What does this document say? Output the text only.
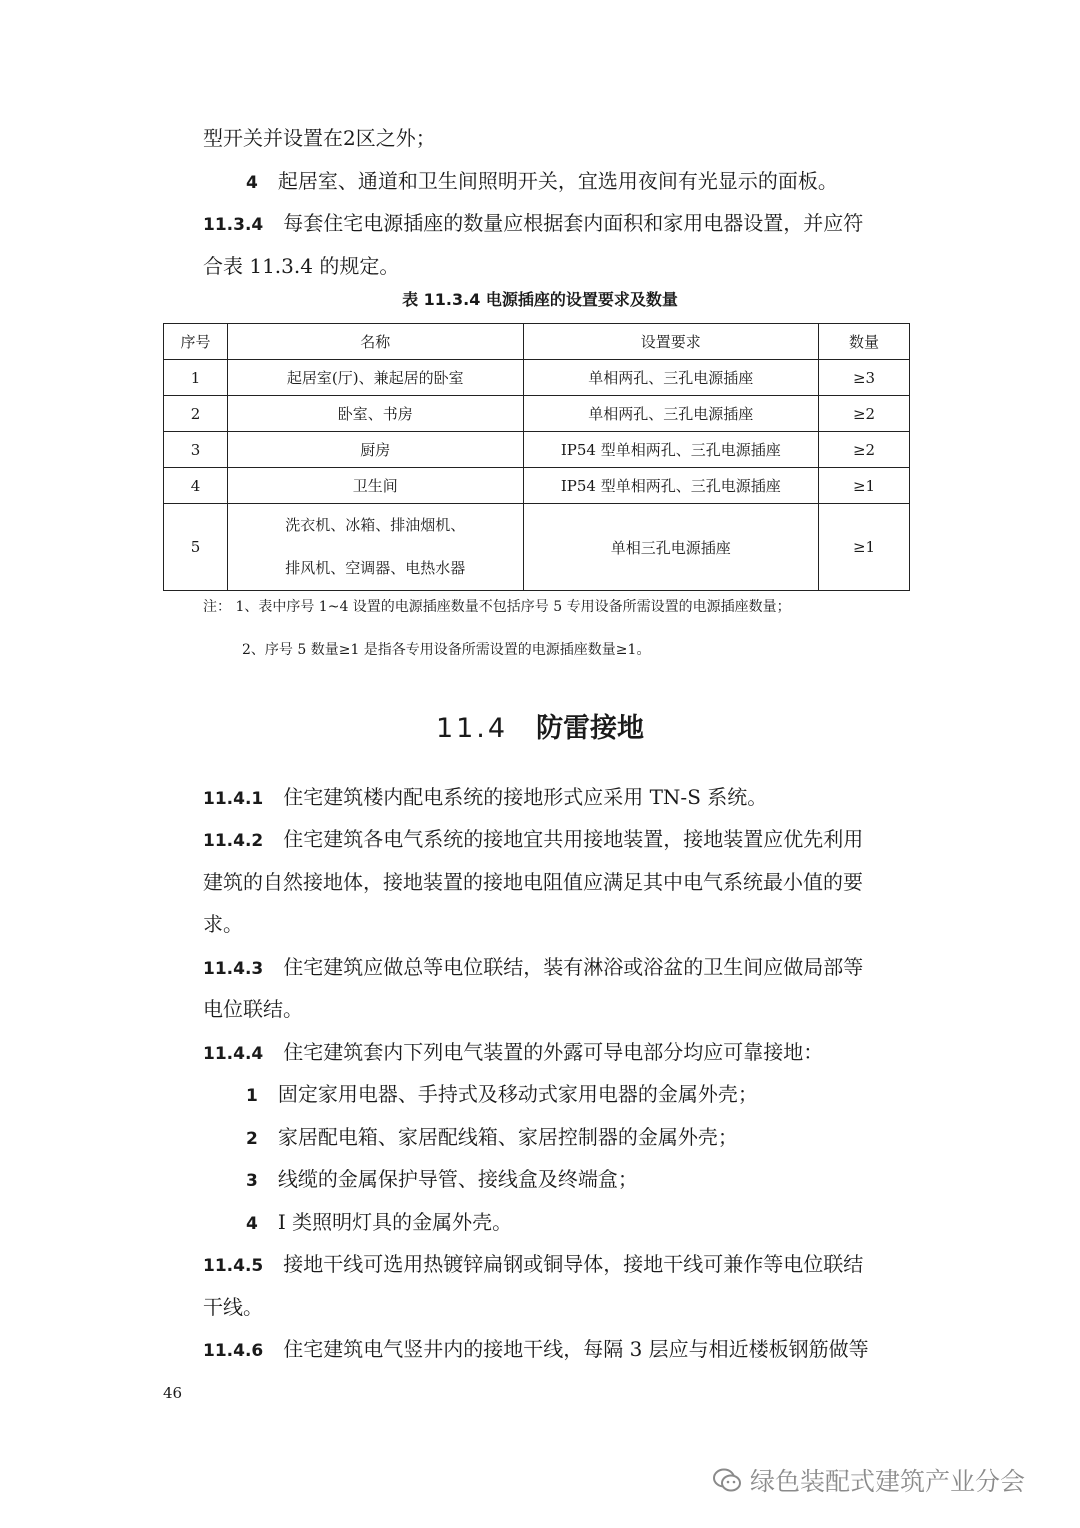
型开关并设置在2区之外；
4 起居室、通道和卫生间照明开关，宜选用夜间有光显示的面板。
11.3.4 每套住宅电源插座的数量应根据套内面积和家用电器设置，并应符
合表 11.3.4 的规定。
表 11.3.4 电源插座的设置要求及数量
序号	名称	设置要求	数量
1	起居室(厅)、兼起居的卧室	单相两孔、三孔电源插座	≥3
2	卧室、书房	单相两孔、三孔电源插座	≥2
3	厨房	IP54 型单相两孔、三孔电源插座	≥2
4	卫生间	IP54 型单相两孔、三孔电源插座	≥1
5	洗衣机、冰箱、排油烟机、
排风机、空调器、电热水器	单相三孔电源插座	≥1
注： 1、表中序号 1~4 设置的电源插座数量不包括序号 5 专用设备所需设置的电源插座数量；
2、序号 5 数量≥1 是指各专用设备所需设置的电源插座数量≥1。
11.4 防雷接地
11.4.1 住宅建筑楼内配电系统的接地形式应采用 TN-S 系统。
11.4.2 住宅建筑各电气系统的接地宜共用接地装置，接地装置应优先利用
建筑的自然接地体，接地装置的接地电阻值应满足其中电气系统最小值的要
求。
11.4.3 住宅建筑应做总等电位联结，装有淋浴或浴盆的卫生间应做局部等
电位联结。
11.4.4 住宅建筑套内下列电气装置的外露可导电部分均应可靠接地：
1 固定家用电器、手持式及移动式家用电器的金属外壳；
2 家居配电箱、家居配线箱、家居控制器的金属外壳；
3 线缆的金属保护导管、接线盒及终端盒；
4 I 类照明灯具的金属外壳。
11.4.5 接地干线可选用热镀锌扁钢或铜导体，接地干线可兼作等电位联结
干线。
11.4.6 住宅建筑电气竖井内的接地干线，每隔 3 层应与相近楼板钢筋做等
46
绿色装配式建筑产业分会
